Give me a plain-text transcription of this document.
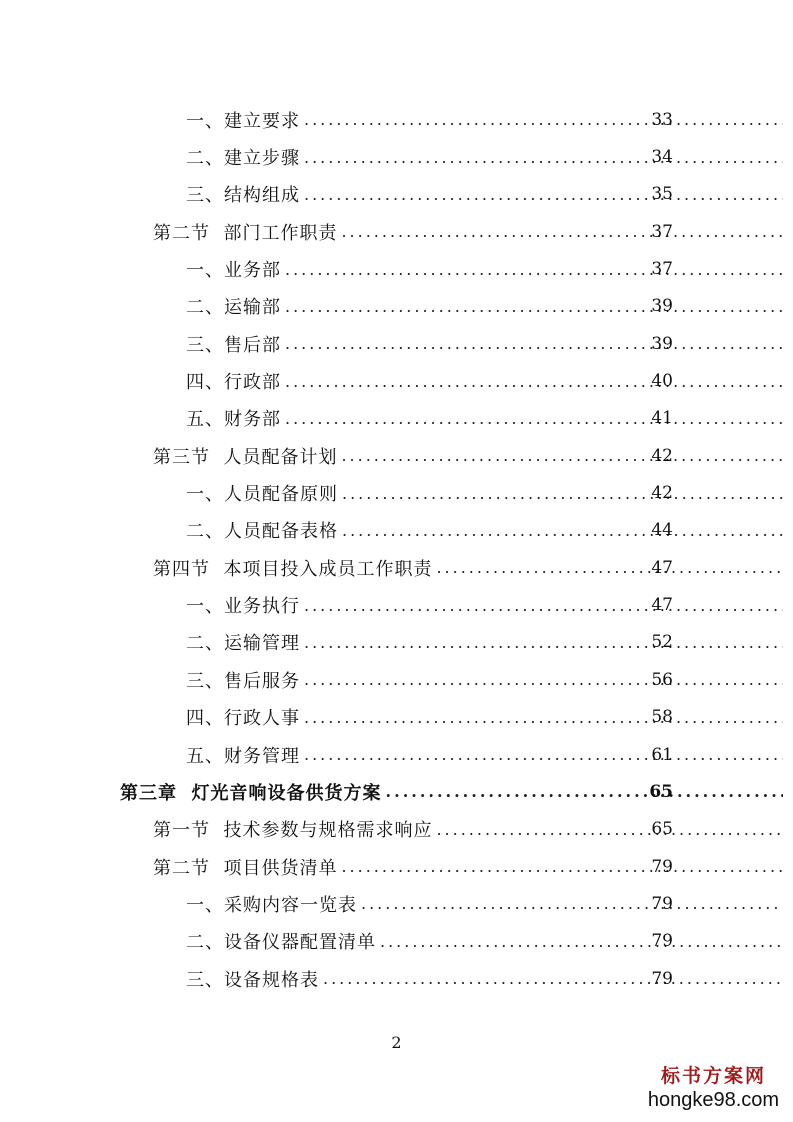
一、建立要求 .....	33
二、建立步骤 .....	34
三、结构组成 .....	35
第二节  部门工作职责 .....	37
一、业务部 .....	37
二、运输部 .....	39
三、售后部 .....	39
四、行政部 .....	40
五、财务部 .....	41
第三节  人员配备计划 .....	42
一、人员配备原则 .....	42
二、人员配备表格 .....	44
第四节  本项目投入成员工作职责 .....	47
一、业务执行 .....	47
二、运输管理 .....	52
三、售后服务 .....	56
四、行政人事 .....	58
五、财务管理 .....	61
第三章  灯光音响设备供货方案 .....	65
第一节  技术参数与规格需求响应 .....	65
第二节  项目供货清单 .....	79
一、采购内容一览表 .....	79
二、设备仪器配置清单 .....	79
三、设备规格表 .....	79
2
标书方案网
hongke98.com
